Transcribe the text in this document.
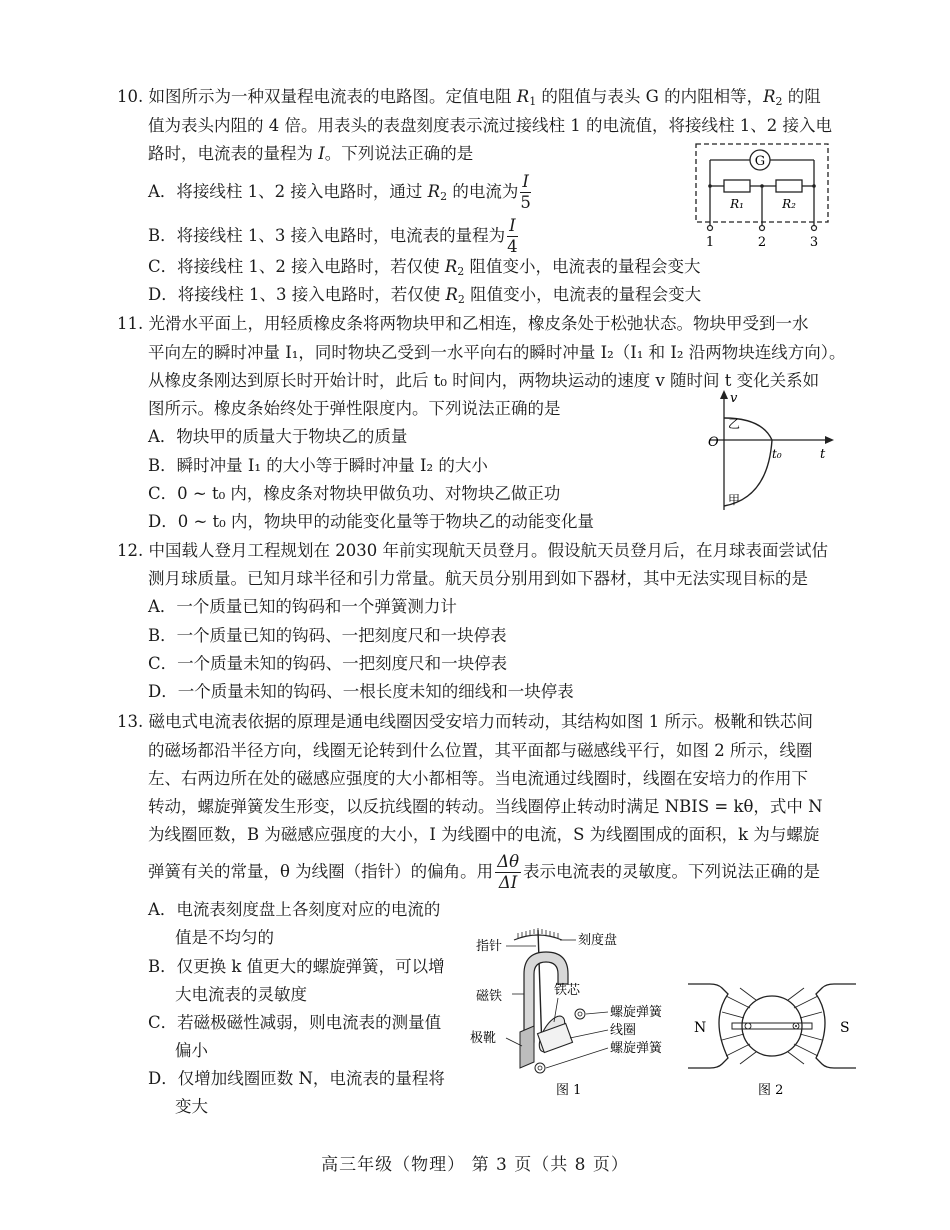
10. 如图所示为一种双量程电流表的电路图。定值电阻 $R_1$ 的阻值与表头 G 的内阻相等，$R_2$ 的阻
值为表头内阻的 4 倍。用表头的表盘刻度表示流过接线柱 1 的电流值，将接线柱 1、2 接入电
路时，电流表的量程为 I。下列说法正确的是
A．将接线柱 1、2 接入电路时，通过 $R_2$ 的电流为 $\frac{I}{5}$
B．将接线柱 1、3 接入电路时，电流表的量程为 $\frac{I}{4}$
C．将接线柱 1、2 接入电路时，若仅使 $R_2$ 阻值变小，电流表的量程会变大
D．将接线柱 1、3 接入电路时，若仅使 $R_2$ 阻值变小，电流表的量程会变大
G
R₁	R₂
1	2	3
11. 光滑水平面上，用轻质橡皮条将两物块甲和乙相连，橡皮条处于松弛状态。物块甲受到一水
平向左的瞬时冲量 I₁，同时物块乙受到一水平向右的瞬时冲量 I₂（I₁ 和 I₂ 沿两物块连线方向）。
从橡皮条刚达到原长时开始计时，此后 t₀ 时间内，两物块运动的速度 v 随时间 t 变化关系如
图所示。橡皮条始终处于弹性限度内。下列说法正确的是
A．物块甲的质量大于物块乙的质量
B．瞬时冲量 I₁ 的大小等于瞬时冲量 I₂ 的大小
C．0 ~ t₀ 内，橡皮条对物块甲做负功、对物块乙做正功
D．0 ~ t₀ 内，物块甲的动能变化量等于物块乙的动能变化量
v
t
O
t₀
乙
甲
12. 中国载人登月工程规划在 2030 年前实现航天员登月。假设航天员登月后，在月球表面尝试估
测月球质量。已知月球半径和引力常量。航天员分别用到如下器材，其中无法实现目标的是
A．一个质量已知的钩码和一个弹簧测力计
B．一个质量已知的钩码、一把刻度尺和一块停表
C．一个质量未知的钩码、一把刻度尺和一块停表
D．一个质量未知的钩码、一根长度未知的细线和一块停表
13. 磁电式电流表依据的原理是通电线圈因受安培力而转动，其结构如图 1 所示。极靴和铁芯间
的磁场都沿半径方向，线圈无论转到什么位置，其平面都与磁感线平行，如图 2 所示，线圈
左、右两边所在处的磁感应强度的大小都相等。当电流通过线圈时，线圈在安培力的作用下
转动，螺旋弹簧发生形变，以反抗线圈的转动。当线圈停止转动时满足 NBIS = kθ，式中 N
为线圈匝数，B 为磁感应强度的大小，I 为线圈中的电流，S 为线圈围成的面积，k 为与螺旋
弹簧有关的常量，θ 为线圈（指针）的偏角。用 $\frac{\Delta\theta}{\Delta I}$ 表示电流表的灵敏度。下列说法正确的是
A．电流表刻度盘上各刻度对应的电流的
值是不均匀的
B．仅更换 k 值更大的螺旋弹簧，可以增
大电流表的灵敏度
C．若磁极磁性减弱，则电流表的测量值
偏小
D．仅增加线圈匝数 N，电流表的量程将
变大
指针	刻度盘
铁芯
磁铁
螺旋弹簧
线圈
极靴
螺旋弹簧
图 1
N	S
图 2
高三年级（物理） 第 3 页（共 8 页）
